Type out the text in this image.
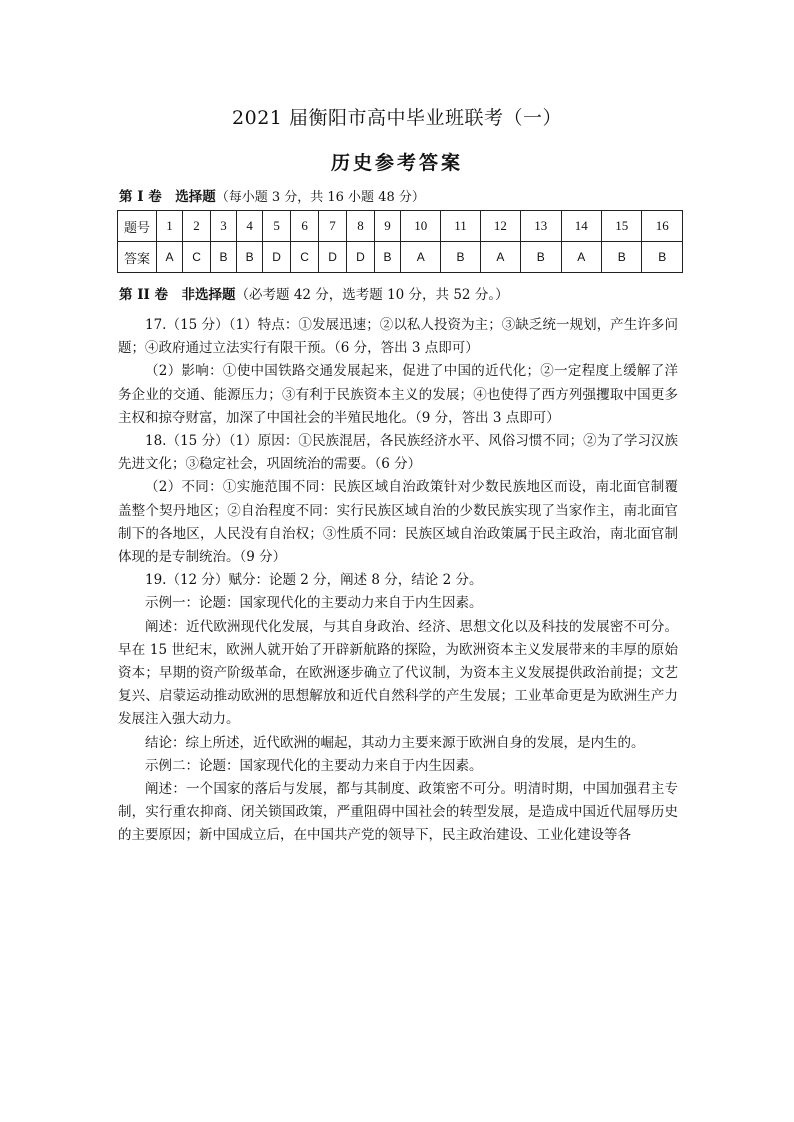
2021 届衡阳市高中毕业班联考（一）
历史参考答案
第 I 卷　选择题（每小题 3 分，共 16 小题 48 分）
题号	1	2	3	4	5	6	7	8	9	10	11	12	13	14	15	16
答案	A	C	B	B	D	C	D	D	B	A	B	A	B	A	B	B
第 II 卷　非选择题（必考题 42 分，选考题 10 分，共 52 分。）

17.（15 分）（1）特点：①发展迅速；②以私人投资为主；③缺乏统一规划，产生许多问题；④政府通过立法实行有限干预。（6 分，答出 3 点即可）

（2）影响：①使中国铁路交通发展起来，促进了中国的近代化；②一定程度上缓解了洋务企业的交通、能源压力；③有利于民族资本主义的发展；④也使得了西方列强攫取中国更多主权和掠夺财富，加深了中国社会的半殖民地化。（9 分，答出 3 点即可）

18.（15 分）（1）原因：①民族混居，各民族经济水平、风俗习惯不同；②为了学习汉族先进文化；③稳定社会，巩固统治的需要。（6 分）

（2）不同：①实施范围不同：民族区域自治政策针对少数民族地区而设，南北面官制覆盖整个契丹地区；②自治程度不同：实行民族区域自治的少数民族实现了当家作主，南北面官制下的各地区，人民没有自治权；③性质不同：民族区域自治政策属于民主政治，南北面官制体现的是专制统治。（9 分）

19.（12 分）赋分：论题 2 分，阐述 8 分，结论 2 分。

示例一：论题：国家现代化的主要动力来自于内生因素。

阐述：近代欧洲现代化发展，与其自身政治、经济、思想文化以及科技的发展密不可分。早在 15 世纪末，欧洲人就开始了开辟新航路的探险，为欧洲资本主义发展带来的丰厚的原始资本；早期的资产阶级革命，在欧洲逐步确立了代议制，为资本主义发展提供政治前提；文艺复兴、启蒙运动推动欧洲的思想解放和近代自然科学的产生发展；工业革命更是为欧洲生产力发展注入强大动力。

结论：综上所述，近代欧洲的崛起，其动力主要来源于欧洲自身的发展，是内生的。

示例二：论题：国家现代化的主要动力来自于内生因素。

阐述：一个国家的落后与发展，都与其制度、政策密不可分。明清时期，中国加强君主专制，实行重农抑商、闭关锁国政策，严重阻碍中国社会的转型发展，是造成中国近代屈辱历史的主要原因；新中国成立后，在中国共产党的领导下，民主政治建设、工业化建设等各
